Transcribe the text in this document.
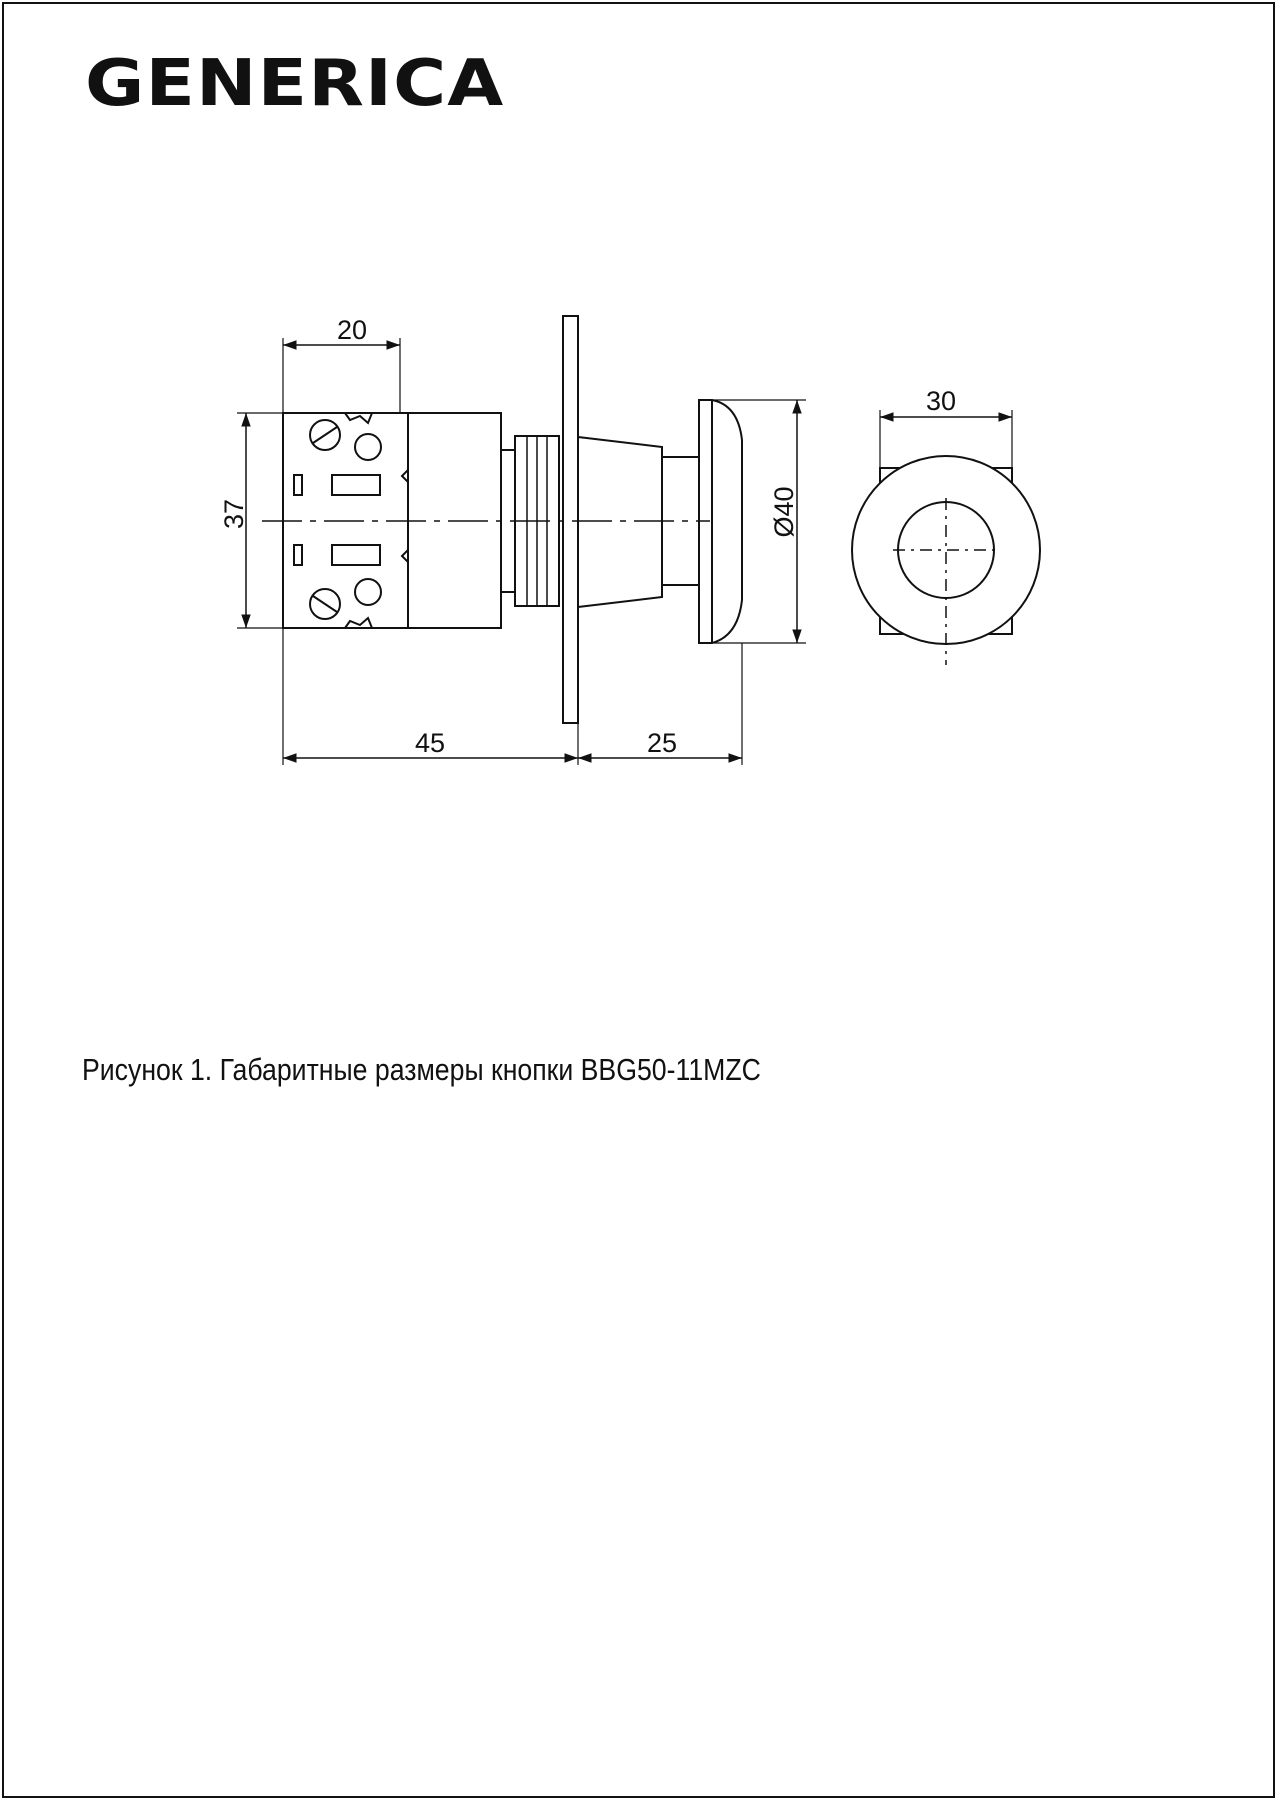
GENERICA
20
37
45	25
Ø40
30
Рисунок 1. Габаритные размеры кнопки BBG50-11MZC
